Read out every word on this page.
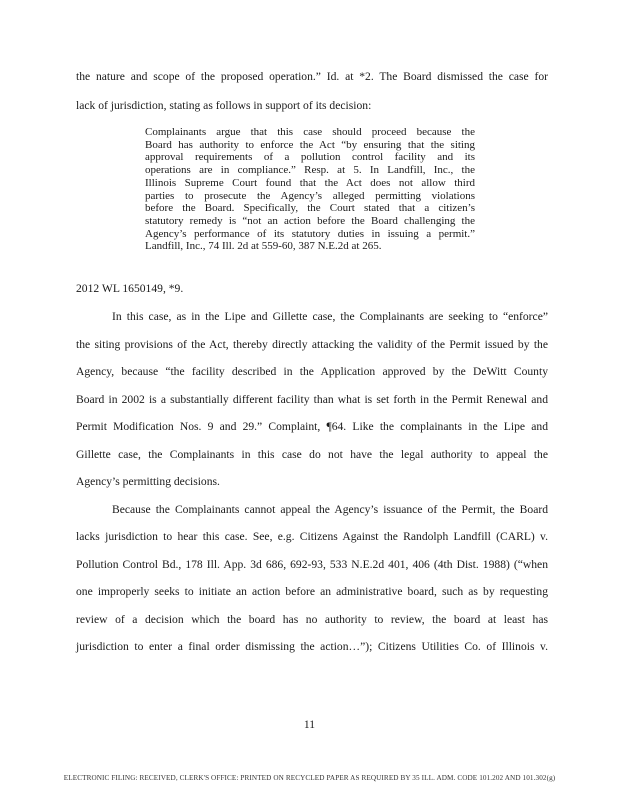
the nature and scope of the proposed operation.” Id. at *2. The Board dismissed the case for
lack of jurisdiction, stating as follows in support of its decision:
Complainants argue that this case should proceed because the
Board has authority to enforce the Act “by ensuring that the siting
approval requirements of a pollution control facility and its
operations are in compliance.” Resp. at 5. In Landfill, Inc., the
Illinois Supreme Court found that the Act does not allow third
parties to prosecute the Agency’s alleged permitting violations
before the Board. Specifically, the Court stated that a citizen’s
statutory remedy is “not an action before the Board challenging the
Agency’s performance of its statutory duties in issuing a permit.”
Landfill, Inc., 74 Ill. 2d at 559-60, 387 N.E.2d at 265.
2012 WL 1650149, *9.
In this case, as in the Lipe and Gillette case, the Complainants are seeking to “enforce”
the siting provisions of the Act, thereby directly attacking the validity of the Permit issued by the
Agency, because “the facility described in the Application approved by the DeWitt County
Board in 2002 is a substantially different facility than what is set forth in the Permit Renewal and
Permit Modification Nos. 9 and 29.” Complaint, ¶64. Like the complainants in the Lipe and
Gillette case, the Complainants in this case do not have the legal authority to appeal the
Agency’s permitting decisions.
Because the Complainants cannot appeal the Agency’s issuance of the Permit, the Board
lacks jurisdiction to hear this case. See, e.g. Citizens Against the Randolph Landfill (CARL) v.
Pollution Control Bd., 178 Ill. App. 3d 686, 692-93, 533 N.E.2d 401, 406 (4th Dist. 1988) (“when
one improperly seeks to initiate an action before an administrative board, such as by requesting
review of a decision which the board has no authority to review, the board at least has
jurisdiction to enter a final order dismissing the action…”); Citizens Utilities Co. of Illinois v.
11
ELECTRONIC FILING: RECEIVED, CLERK'S OFFICE: PRINTED ON RECYCLED PAPER AS REQUIRED BY 35 ILL. ADM. CODE 101.202 AND 101.302(g)
